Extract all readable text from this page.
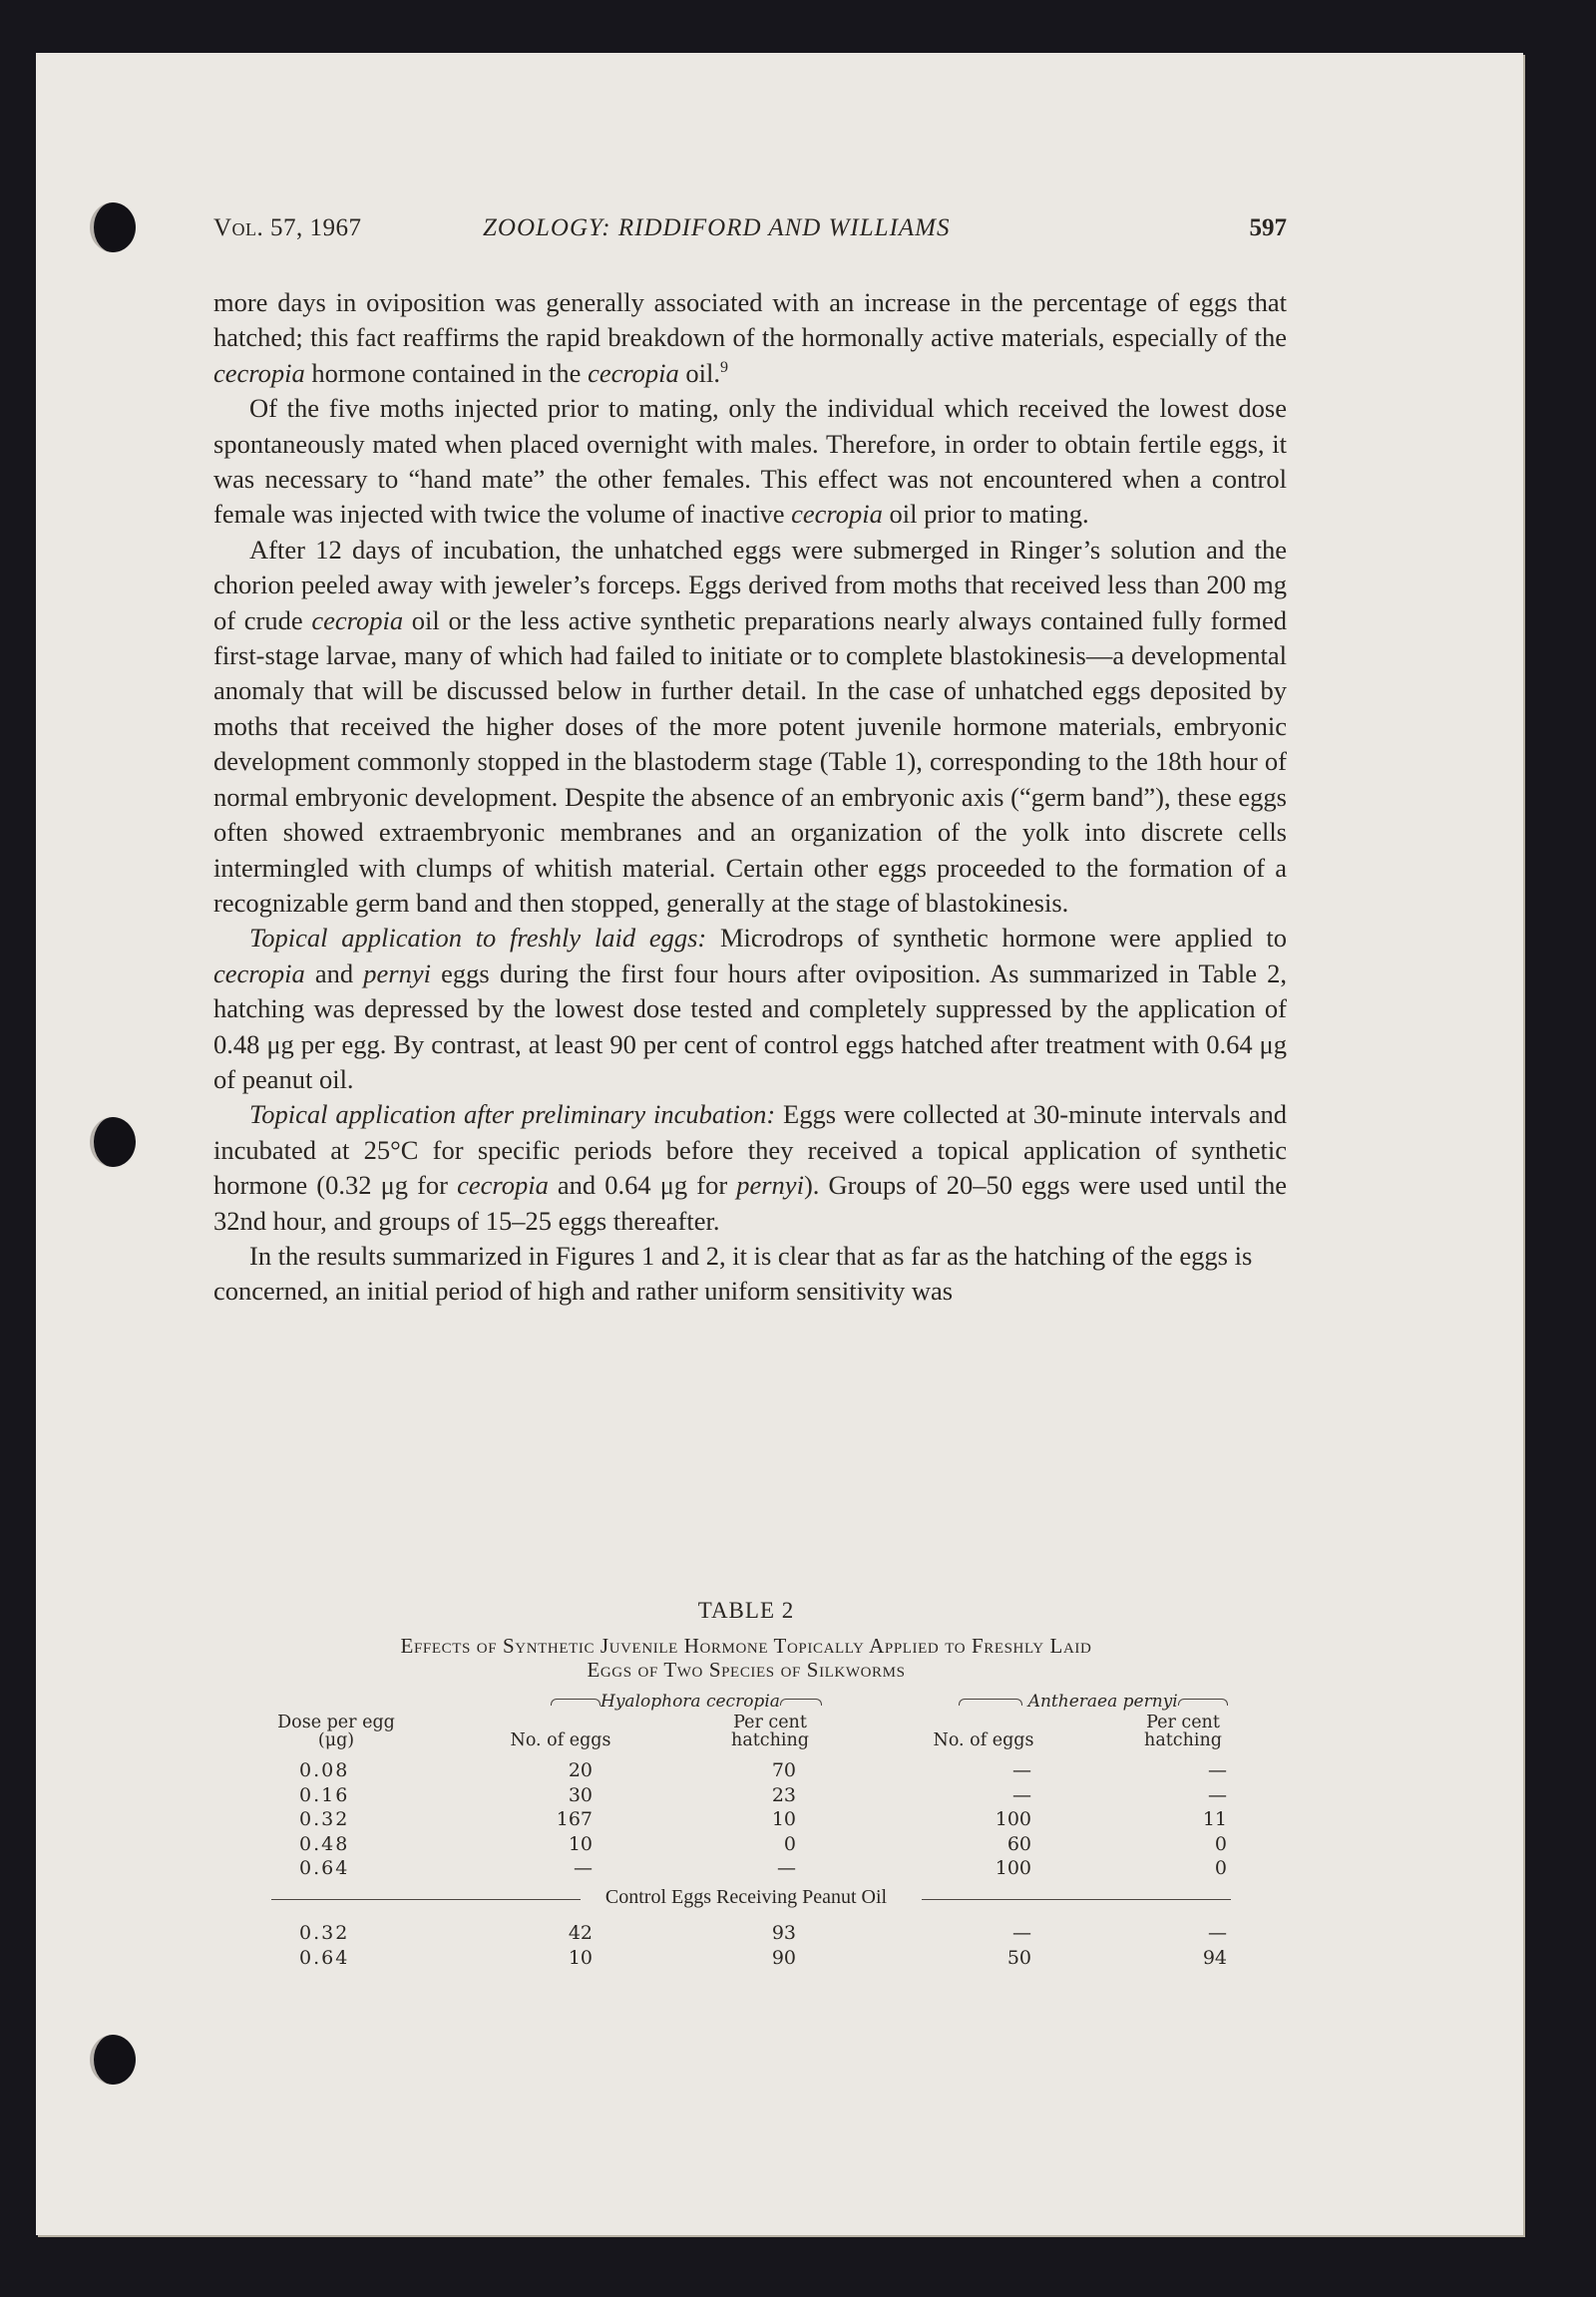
Vol. 57, 1967	ZOOLOGY: RIDDIFORD AND WILLIAMS	597

more days in oviposition was generally associated with an increase in the percentage of eggs that hatched; this fact reaffirms the rapid breakdown of the hormonally active materials, especially of the cecropia hormone contained in the cecropia oil.$^9$

Of the five moths injected prior to mating, only the individual which received the lowest dose spontaneously mated when placed overnight with males. Therefore, in order to obtain fertile eggs, it was necessary to “hand mate” the other females. This effect was not encountered when a control female was injected with twice the volume of inactive cecropia oil prior to mating.

After 12 days of incubation, the unhatched eggs were submerged in Ringer’s solution and the chorion peeled away with jeweler’s forceps. Eggs derived from moths that received less than 200 mg of crude cecropia oil or the less active synthetic preparations nearly always contained fully formed first-stage larvae, many of which had failed to initiate or to complete blastokinesis—a developmental anomaly that will be discussed below in further detail. In the case of unhatched eggs deposited by moths that received the higher doses of the more potent juvenile hormone materials, embryonic development commonly stopped in the blastoderm stage (Table 1), corresponding to the 18th hour of normal embryonic development. Despite the absence of an embryonic axis (“germ band”), these eggs often showed extraembryonic membranes and an organization of the yolk into discrete cells intermingled with clumps of whitish material. Certain other eggs proceeded to the formation of a recognizable germ band and then stopped, generally at the stage of blastokinesis.

Topical application to freshly laid eggs: Microdrops of synthetic hormone were applied to cecropia and pernyi eggs during the first four hours after oviposition. As summarized in Table 2, hatching was depressed by the lowest dose tested and completely suppressed by the application of 0.48 μg per egg. By contrast, at least 90 per cent of control eggs hatched after treatment with 0.64 μg of peanut oil.

Topical application after preliminary incubation: Eggs were collected at 30-minute intervals and incubated at 25°C for specific periods before they received a topical application of synthetic hormone (0.32 μg for cecropia and 0.64 μg for pernyi). Groups of 20–50 eggs were used until the 32nd hour, and groups of 15–25 eggs thereafter.

In the results summarized in Figures 1 and 2, it is clear that as far as the hatching of the eggs is concerned, an initial period of high and rather uniform sensitivity was

TABLE 2
Effects of Synthetic Juvenile Hormone Topically Applied to Freshly Laid
Eggs of Two Species of Silkworms
Hyalophora cecropia	Antheraea pernyi
Dose per egg
(μg)	No. of eggs
Per cent
hatching	No. of eggs
Per cent
hatching
0.08	20	70	—	—
0.16	30	23	—	—
0.32	167	10	100	11
0.48	10	0	60	0
0.64	—	—	100	0
Control Eggs Receiving Peanut Oil
0.32	42	93	—	—
0.64	10	90	50	94
